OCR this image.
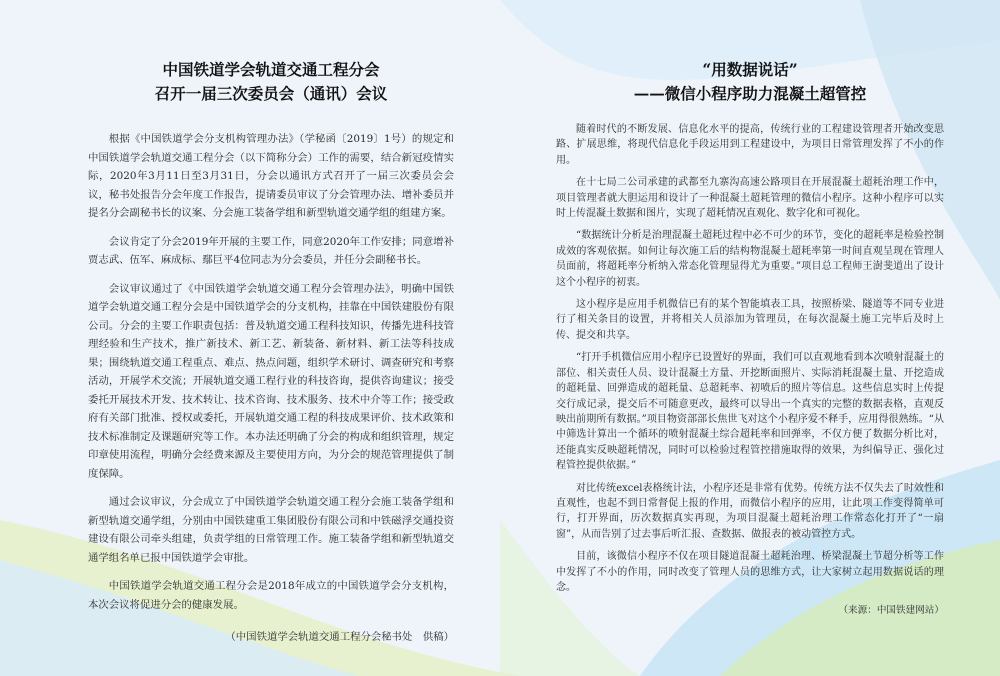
中国铁道学会轨道交通工程分会

召开一届三次委员会（通讯）会议

根据《中国铁道学会分支机构管理办法》（学秘函〔2019〕1号）的规定和中国铁道学会轨道交通工程分会（以下简称分会）工作的需要，结合新冠疫情实际，2020年3月11日至3月31日，分会以通讯方式召开了一届三次委员会会议，秘书处报告分会年度工作报告，提请委员审议了分会管理办法、增补委员并提名分会副秘书长的议案、分会施工装备学组和新型轨道交通学组的组建方案。

会议肯定了分会2019年开展的主要工作，同意2020年工作安排；同意增补贾志武、伍军、麻成标、鄢巨平4位同志为分会委员，并任分会副秘书长。

会议审议通过了《中国铁道学会轨道交通工程分会管理办法》，明确中国铁道学会轨道交通工程分会是中国铁道学会的分支机构，挂靠在中国铁建股份有限公司。分会的主要工作职责包括：普及轨道交通工程科技知识，传播先进科技管理经验和生产技术，推广新技术、新工艺、新装备、新材料、新工法等科技成果；围绕轨道交通工程重点、难点、热点问题，组织学术研讨、调查研究和考察活动，开展学术交流；开展轨道交通工程行业的科技咨询，提供咨询建议；接受委托开展技术开发、技术转让、技术咨询、技术服务、技术中介等工作；接受政府有关部门批准、授权或委托，开展轨道交通工程的科技成果评价、技术政策和技术标准制定及课题研究等工作。本办法还明确了分会的构成和组织管理，规定印章使用流程，明确分会经费来源及主要使用方向，为分会的规范管理提供了制度保障。

通过会议审议，分会成立了中国铁道学会轨道交通工程分会施工装备学组和新型轨道交通学组，分别由中国铁建重工集团股份有限公司和中铁磁浮交通投资建设有限公司牵头组建，负责学组的日常管理工作。施工装备学组和新型轨道交通学组名单已报中国铁道学会审批。

中国铁道学会轨道交通工程分会是2018年成立的中国铁道学会分支机构，本次会议将促进分会的健康发展。

（中国铁道学会轨道交通工程分会秘书处　供稿）

“用数据说话”

——微信小程序助力混凝土超管控

随着时代的不断发展、信息化水平的提高，传统行业的工程建设管理者开始改变思路、扩展思维，将现代信息化手段运用到工程建设中，为项目日常管理发挥了不小的作用。

在十七局二公司承建的武都至九寨沟高速公路项目在开展混凝土超耗治理工作中，项目管理者就大胆运用和设计了一种混凝土超耗管理的微信小程序。这种小程序可以实时上传混凝土数据和图片，实现了超耗情况直观化、数字化和可视化。

“数据统计分析是治理混凝土超耗过程中必不可少的环节，变化的超耗率是检验控制成效的客观依据。如何让每次施工后的结构物混凝土超耗率第一时间直观呈现在管理人员面前，将超耗率分析纳入常态化管理显得尤为重要。”项目总工程师王澍斐道出了设计这个小程序的初衷。

这小程序是应用手机微信已有的某个智能填表工具，按照桥梁、隧道等不同专业进行了相关条目的设置，并将相关人员添加为管理员，在每次混凝土施工完毕后及时上传、提交和共享。

“打开手机微信应用小程序已设置好的界面，我们可以直观地看到本次喷射混凝土的部位、相关责任人员、设计混凝土方量、开挖断面照片、实际消耗混凝土量、开挖造成的超耗量、回弹造成的超耗量、总超耗率、初喷后的照片等信息。这些信息实时上传提交行成记录，提交后不可随意更改，最终可以导出一个真实的完整的数据表格，直观反映出前期所有数据。”项目物资部部长焦世飞对这个小程序爱不释手，应用得很熟练。“从中筛选计算出一个循环的喷射混凝土综合超耗率和回弹率，不仅方便了数据分析比对，还能真实反映超耗情况，同时可以检验过程管控措施取得的效果，为纠偏导正、强化过程管控提供依据。”

对比传统excel表格统计法，小程序还是非常有优势。传统方法不仅失去了时效性和直观性，也起不到日常督促上报的作用，而微信小程序的应用，让此项工作变得简单可行，打开界面，历次数据真实再现，为项目混凝土超耗治理工作常态化打开了“一扇窗”，从而告别了过去事后听汇报、查数据、做报表的被动管控方式。

目前，该微信小程序不仅在项目隧道混凝土超耗治理、桥梁混凝土节超分析等工作中发挥了不小的作用，同时改变了管理人员的思维方式，让大家树立起用数据说话的理念。

（来源：中国铁建网站）
